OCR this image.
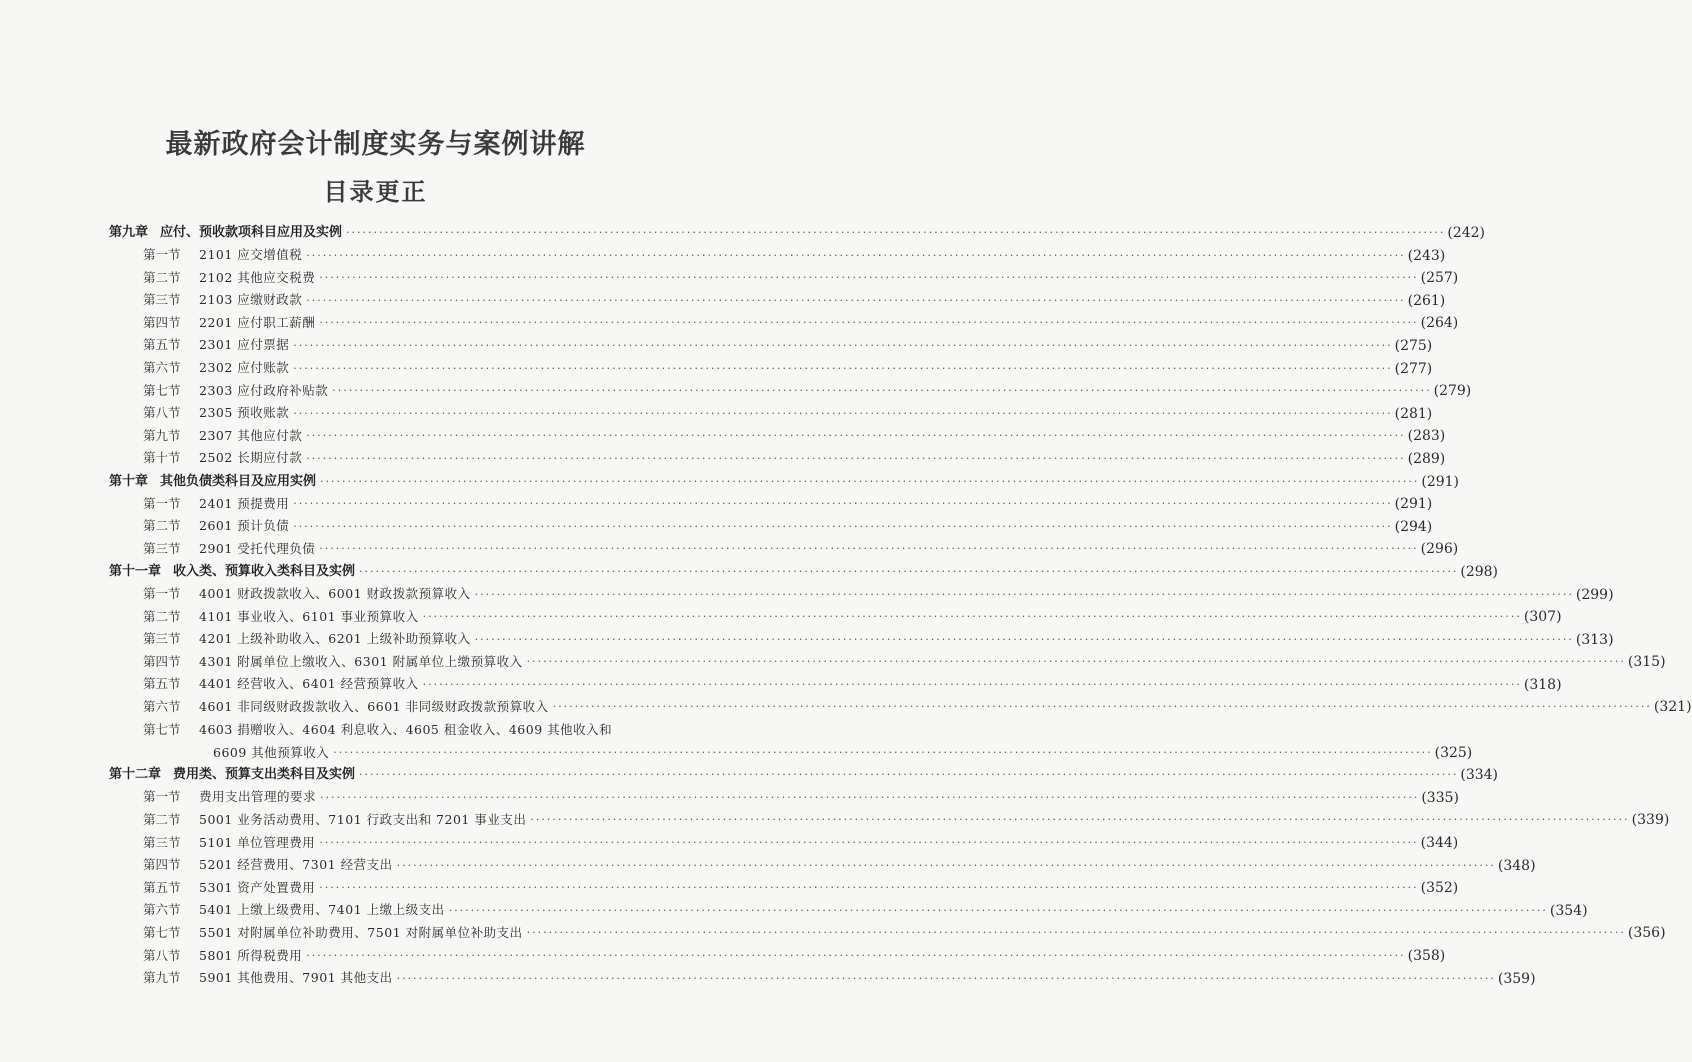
最新政府会计制度实务与案例讲解
目录更正
第九章 应付、预收款项科目应用及实例 ········································································································································································································ (242)
第一节 2101 应交增值税 ········································································································································································································ (243)
第二节 2102 其他应交税费 ········································································································································································································ (257)
第三节 2103 应缴财政款 ········································································································································································································ (261)
第四节 2201 应付职工薪酬 ········································································································································································································ (264)
第五节 2301 应付票据 ········································································································································································································ (275)
第六节 2302 应付账款 ········································································································································································································ (277)
第七节 2303 应付政府补贴款 ········································································································································································································ (279)
第八节 2305 预收账款 ········································································································································································································ (281)
第九节 2307 其他应付款 ········································································································································································································ (283)
第十节 2502 长期应付款 ········································································································································································································ (289)
第十章 其他负债类科目及应用实例 ········································································································································································································ (291)
第一节 2401 预提费用 ········································································································································································································ (291)
第二节 2601 预计负债 ········································································································································································································ (294)
第三节 2901 受托代理负债 ········································································································································································································ (296)
第十一章 收入类、预算收入类科目及实例 ········································································································································································································ (298)
第一节 4001 财政拨款收入、6001 财政拨款预算收入 ········································································································································································································ (299)
第二节 4101 事业收入、6101 事业预算收入 ········································································································································································································ (307)
第三节 4201 上级补助收入、6201 上级补助预算收入 ········································································································································································································ (313)
第四节 4301 附属单位上缴收入、6301 附属单位上缴预算收入 ········································································································································································································ (315)
第五节 4401 经营收入、6401 经营预算收入 ········································································································································································································ (318)
第六节 4601 非同级财政拨款收入、6601 非同级财政拨款预算收入 ········································································································································································································ (321)
第七节 4603 捐赠收入、4604 利息收入、4605 租金收入、4609 其他收入和
6609 其他预算收入 ········································································································································································································ (325)
第十二章 费用类、预算支出类科目及实例 ········································································································································································································ (334)
第一节 费用支出管理的要求 ········································································································································································································ (335)
第二节 5001 业务活动费用、7101 行政支出和 7201 事业支出 ········································································································································································································ (339)
第三节 5101 单位管理费用 ········································································································································································································ (344)
第四节 5201 经营费用、7301 经营支出 ········································································································································································································ (348)
第五节 5301 资产处置费用 ········································································································································································································ (352)
第六节 5401 上缴上级费用、7401 上缴上级支出 ········································································································································································································ (354)
第七节 5501 对附属单位补助费用、7501 对附属单位补助支出 ········································································································································································································ (356)
第八节 5801 所得税费用 ········································································································································································································ (358)
第九节 5901 其他费用、7901 其他支出 ········································································································································································································ (359)
